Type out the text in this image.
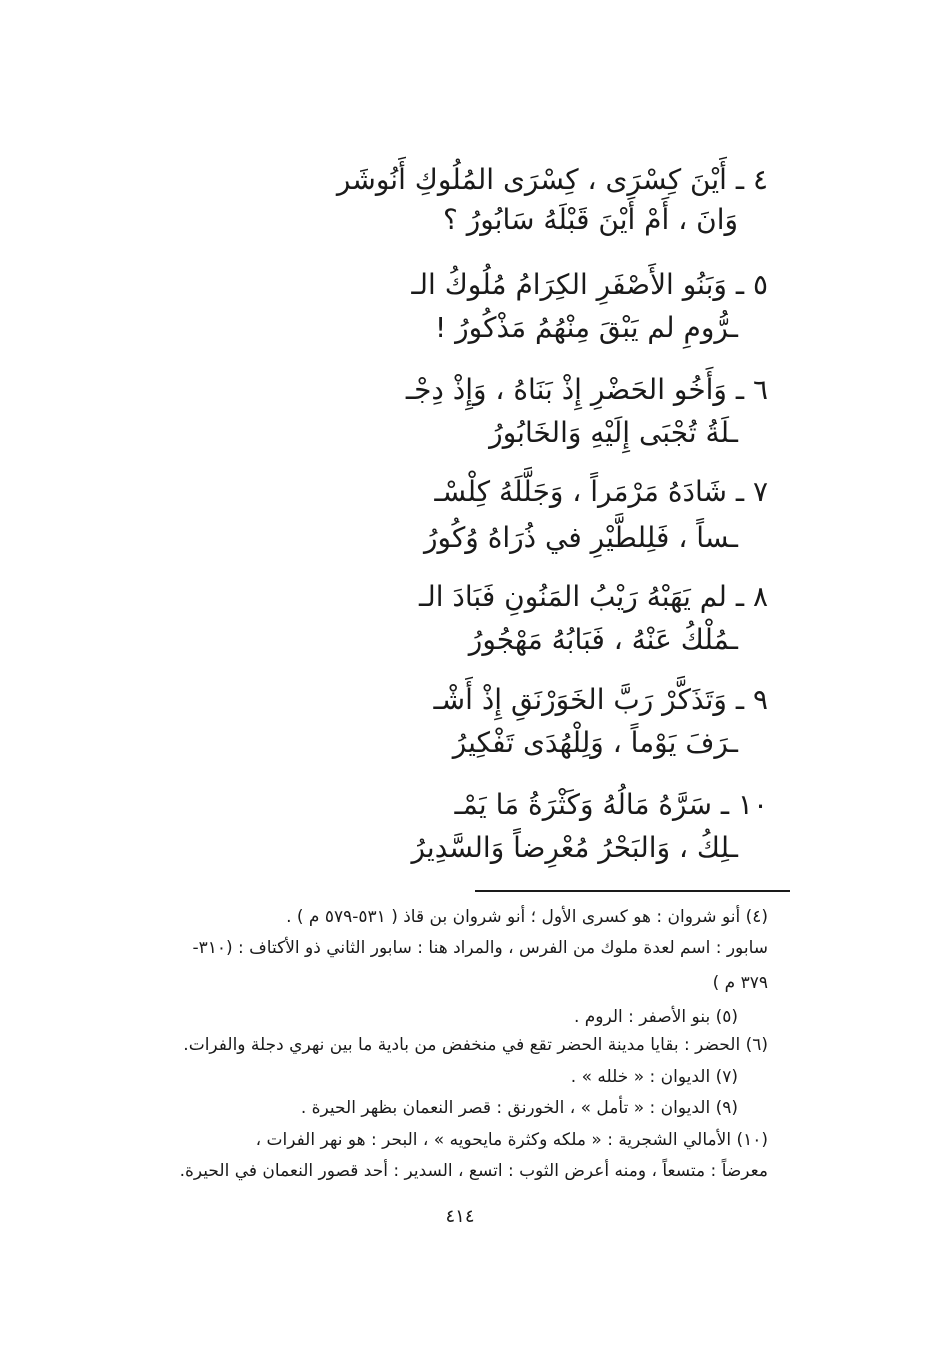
٤ ـ أَيْنَ كِسْرَى ، كِسْرَى المُلُوكِ أَنُوشَر
وَانَ ، أَمْ أَيْنَ قَبْلَهُ سَابُورُ ؟
٥ ـ وَبَنُو الأَصْفَرِ الكِرَامُ مُلُوكُ الـ
ـرُّومِ لم يَبْقَ مِنْهُمُ مَذْكُورُ !
٦ ـ وَأَخُو الحَضْرِ إِذْ بَنَاهُ ، وَإِذْ دِجْـ
ـلَةُ تُجْبَى إِلَيْهِ وَالخَابُورُ
٧ ـ شَادَهُ مَرْمَراً ، وَجَلَّلَهُ كِلْسْـ
ـساً ، فَلِلطَّيْرِ في ذُرَاهُ وُكُورُ
٨ ـ لم يَهَبْهُ رَيْبُ المَنُونِ فَبَادَ الـ
ـمُلْكُ عَنْهُ ، فَبَابُهُ مَهْجُورُ
٩ ـ وَتَذَكَّرْ رَبَّ الخَوَرْنَقِ إِذْ أَشْـ
ـرَفَ يَوْماً ، وَلِلْهُدَى تَفْكِيرُ
١٠ ـ سَرَّهُ مَالُهُ وَكَثْرَةُ مَا يَمْـ
ـلِكُ ، وَالبَحْرُ مُعْرِضاً وَالسَّدِيرُ
(٤) أنو شروان : هو كسرى الأول ؛ أنو شروان بن قاذ ( ٥٣١-٥٧٩ م ) .
سابور : اسم لعدة ملوك من الفرس ، والمراد هنا : سابور الثاني ذو الأكتاف : (٣١٠-
٣٧٩ م )
(٥) بنو الأصفر : الروم .
(٦) الحضر : بقايا مدينة الحضر تقع في منخفض من بادية ما بين نهري دجلة والفرات.
(٧) الديوان : « خلله » .
(٩) الديوان : « تأمل » ، الخورنق : قصر النعمان بظهر الحيرة .
(١٠) الأمالي الشجرية : « ملكه وكثرة مايحويه » ، البحر : هو نهر الفرات ،
معرضاً : متسعاً ، ومنه أعرض الثوب : اتسع ، السدير : أحد قصور النعمان في الحيرة.
٤١٤
